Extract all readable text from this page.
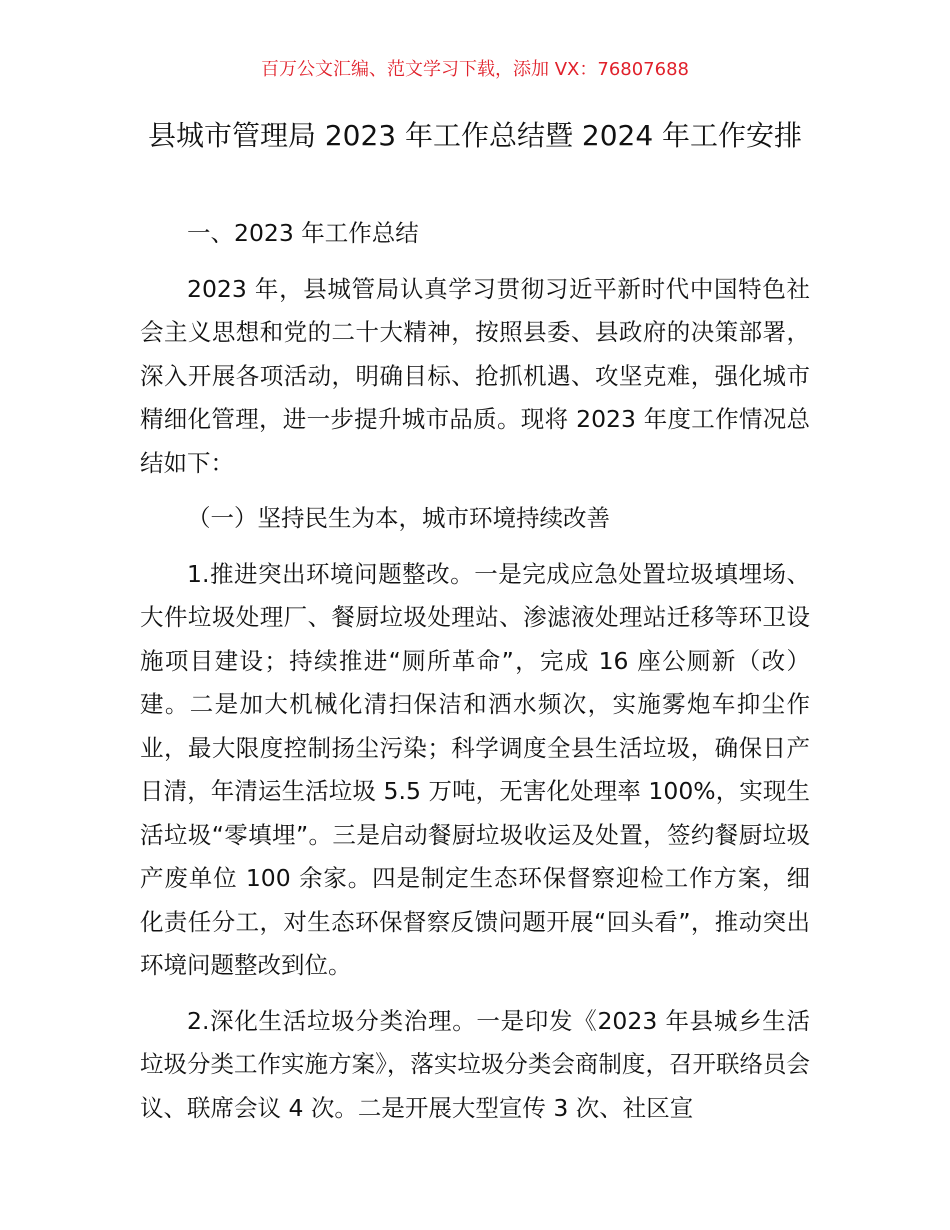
百万公文汇编、范文学习下载，添加 VX：76807688
县城市管理局 2023 年工作总结暨 2024 年工作安排

一、2023 年工作总结

2023 年，县城管局认真学习贯彻习近平新时代中国特色社会主义思想和党的二十大精神，按照县委、县政府的决策部署，深入开展各项活动，明确目标、抢抓机遇、攻坚克难，强化城市精细化管理，进一步提升城市品质。现将 2023 年度工作情况总结如下：

（一）坚持民生为本，城市环境持续改善

1.推进突出环境问题整改。一是完成应急处置垃圾填埋场、大件垃圾处理厂、餐厨垃圾处理站、渗滤液处理站迁移等环卫设施项目建设；持续推进“厕所革命”，完成 16 座公厕新（改）建。二是加大机械化清扫保洁和洒水频次，实施雾炮车抑尘作业，最大限度控制扬尘污染；科学调度全县生活垃圾，确保日产日清，年清运生活垃圾 5.5 万吨，无害化处理率 100%，实现生活垃圾“零填埋”。三是启动餐厨垃圾收运及处置，签约餐厨垃圾产废单位 100 余家。四是制定生态环保督察迎检工作方案，细化责任分工，对生态环保督察反馈问题开展“回头看”，推动突出环境问题整改到位。

2.深化生活垃圾分类治理。一是印发《2023 年县城乡生活垃圾分类工作实施方案》，落实垃圾分类会商制度，召开联络员会议、联席会议 4 次。二是开展大型宣传 3 次、社区宣
